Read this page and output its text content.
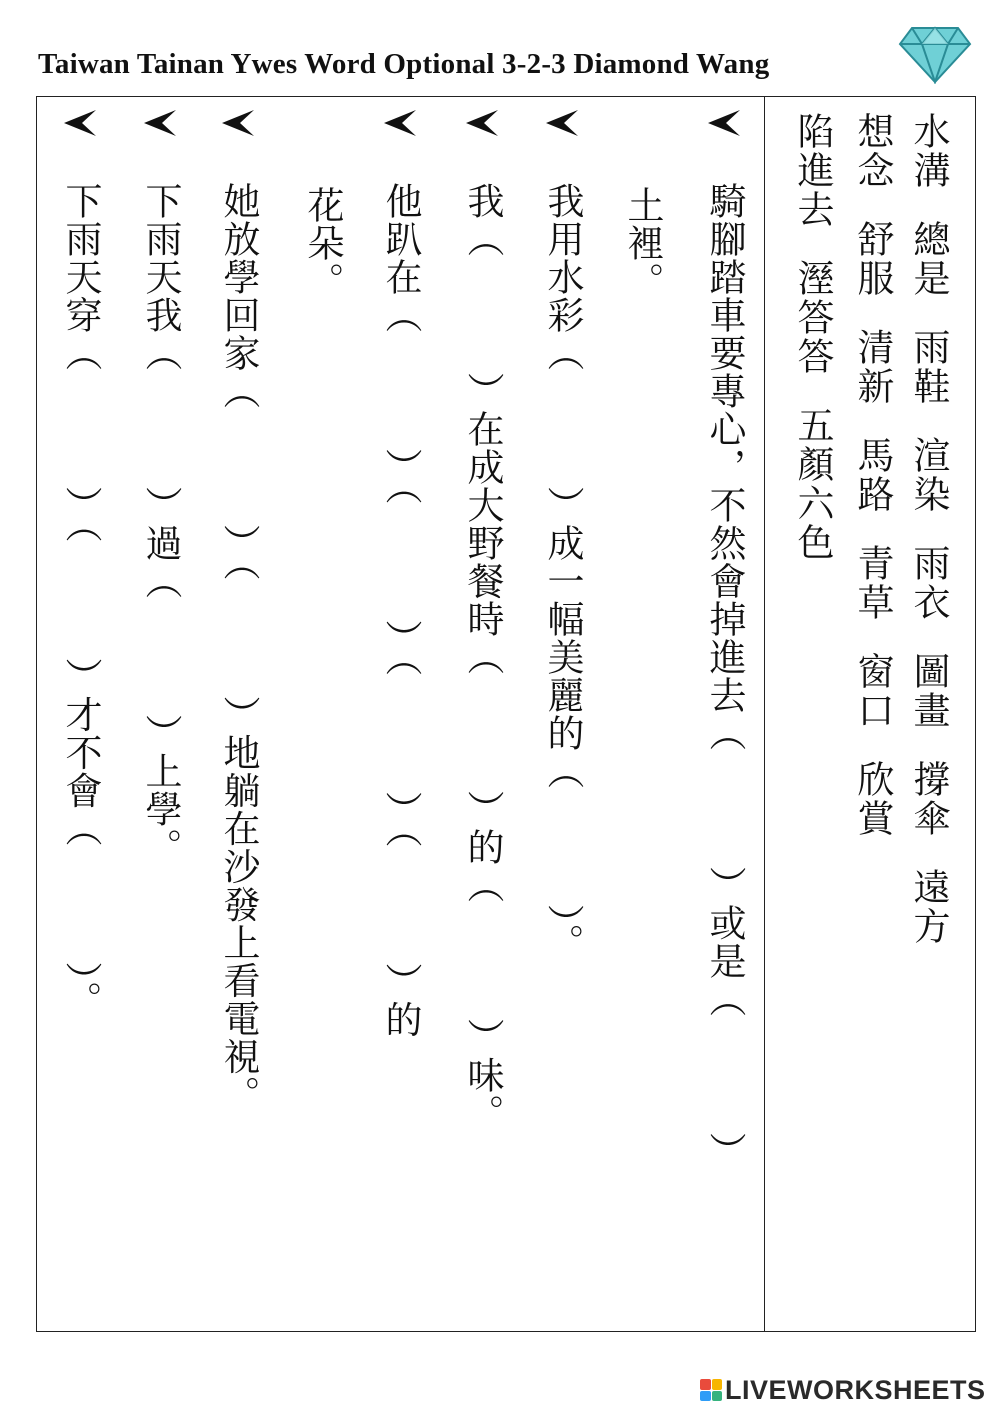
Taiwan Tainan Ywes Word Optional 3-2-3 Diamond Wang
水溝總是雨鞋渲染雨衣圖畫撐傘遠方
想念舒服清新馬路青草窗口欣賞
陷進去溼答答五顏六色
騎腳踏車要專心，不然會掉進去（　　　）或是（　　　）
土裡。
我用水彩（　　　）成一幅美麗的（　　　）。
我（　　　）在成大野餐時（　　　）的（　　　）味。
他趴在（　　　）（　　　）（　　　）（　　　）的
花朵。
她放學回家（　　　）（　　　）地躺在沙發上看電視。
下雨天我（　　　）過（　　　）上學。
下雨天穿（　　　）（　　　）才不會（　　　）。
LIVEWORKSHEETS
